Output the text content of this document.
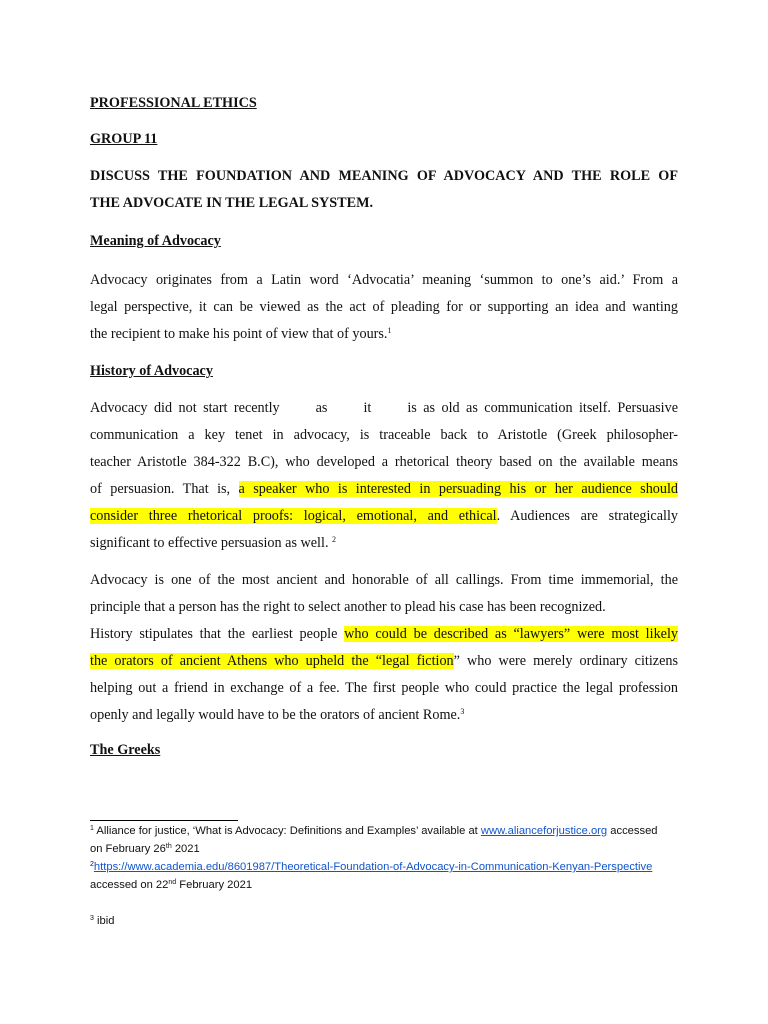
PROFESSIONAL ETHICS

GROUP 11

DISCUSS THE FOUNDATION AND MEANING OF ADVOCACY AND THE ROLE OF

THE ADVOCATE IN THE LEGAL SYSTEM.

Meaning of Advocacy

Advocacy originates from a Latin word ‘Advocatia’ meaning ‘summon to one’s aid.’ From a

legal perspective, it can be viewed as the act of pleading for or supporting an idea and wanting

the recipient to make his point of view that of yours.$^1$

History of Advocacy

Advocacy did not start recently	as	it	is as old as communication itself. Persuasive

communication a key tenet in advocacy, is traceable back to Aristotle (Greek philosopher-

teacher Aristotle 384-322 B.C), who developed a rhetorical theory based on the available means

of persuasion. That is, a speaker who is interested in persuading his or her audience should

consider three rhetorical proofs: logical, emotional, and ethical. Audiences are strategically

significant to effective persuasion as well. $^2$

Advocacy is one of the most ancient and honorable of all callings. From time immemorial, the

principle that a person has the right to select another to plead his case has been recognized.

History stipulates that the earliest people who could be described as “lawyers” were most likely

the orators of ancient Athens who upheld the “legal fiction” who were merely ordinary citizens

helping out a friend in exchange of a fee. The first people who could practice the legal profession

openly and legally would have to be the orators of ancient Rome.$^3$

The Greeks

$^1$ Alliance for justice, ‘What is Advocacy: Definitions and Examples’ available at www.alianceforjustice.org accessed

on February 26th 2021

$^2$https://www.academia.edu/8601987/Theoretical-Foundation-of-Advocacy-in-Communication-Kenyan-Perspective

accessed on 22nd February 2021

$^3$ ibid
